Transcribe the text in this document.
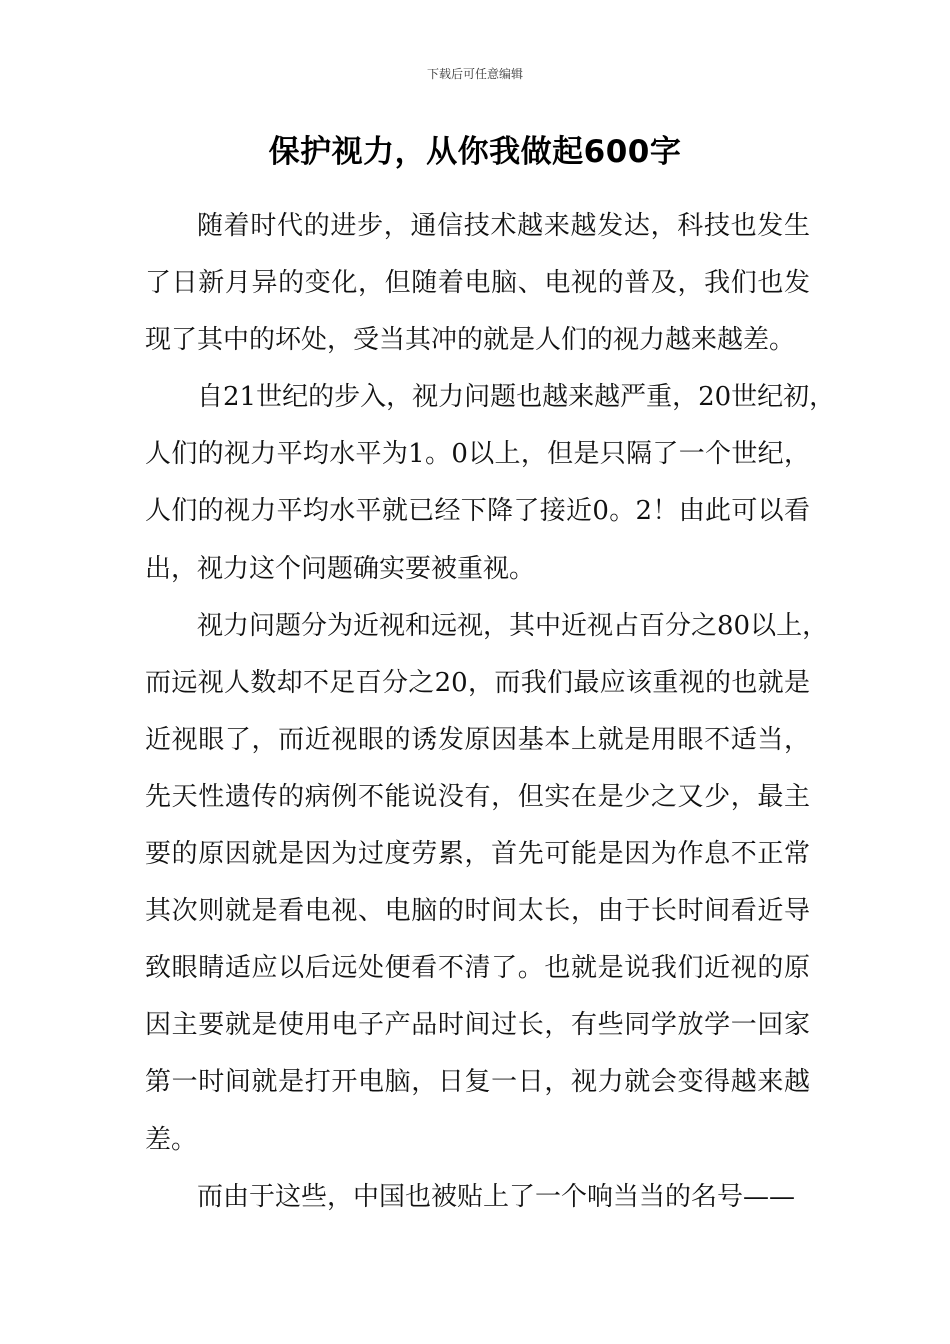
下载后可任意编辑
保护视力，从你我做起600字
随着时代的进步，通信技术越来越发达，科技也发生
了日新月异的变化，但随着电脑、电视的普及，我们也发
现了其中的坏处，受当其冲的就是人们的视力越来越差。
自21世纪的步入，视力问题也越来越严重，20世纪初，
人们的视力平均水平为1。0以上，但是只隔了一个世纪，
人们的视力平均水平就已经下降了接近0。2！由此可以看
出，视力这个问题确实要被重视。
视力问题分为近视和远视，其中近视占百分之80以上，
而远视人数却不足百分之20，而我们最应该重视的也就是
近视眼了，而近视眼的诱发原因基本上就是用眼不适当，
先天性遗传的病例不能说没有，但实在是少之又少，最主
要的原因就是因为过度劳累，首先可能是因为作息不正常
其次则就是看电视、电脑的时间太长，由于长时间看近导
致眼睛适应以后远处便看不清了。也就是说我们近视的原
因主要就是使用电子产品时间过长，有些同学放学一回家
第一时间就是打开电脑，日复一日，视力就会变得越来越
差。
而由于这些，中国也被贴上了一个响当当的名号——
